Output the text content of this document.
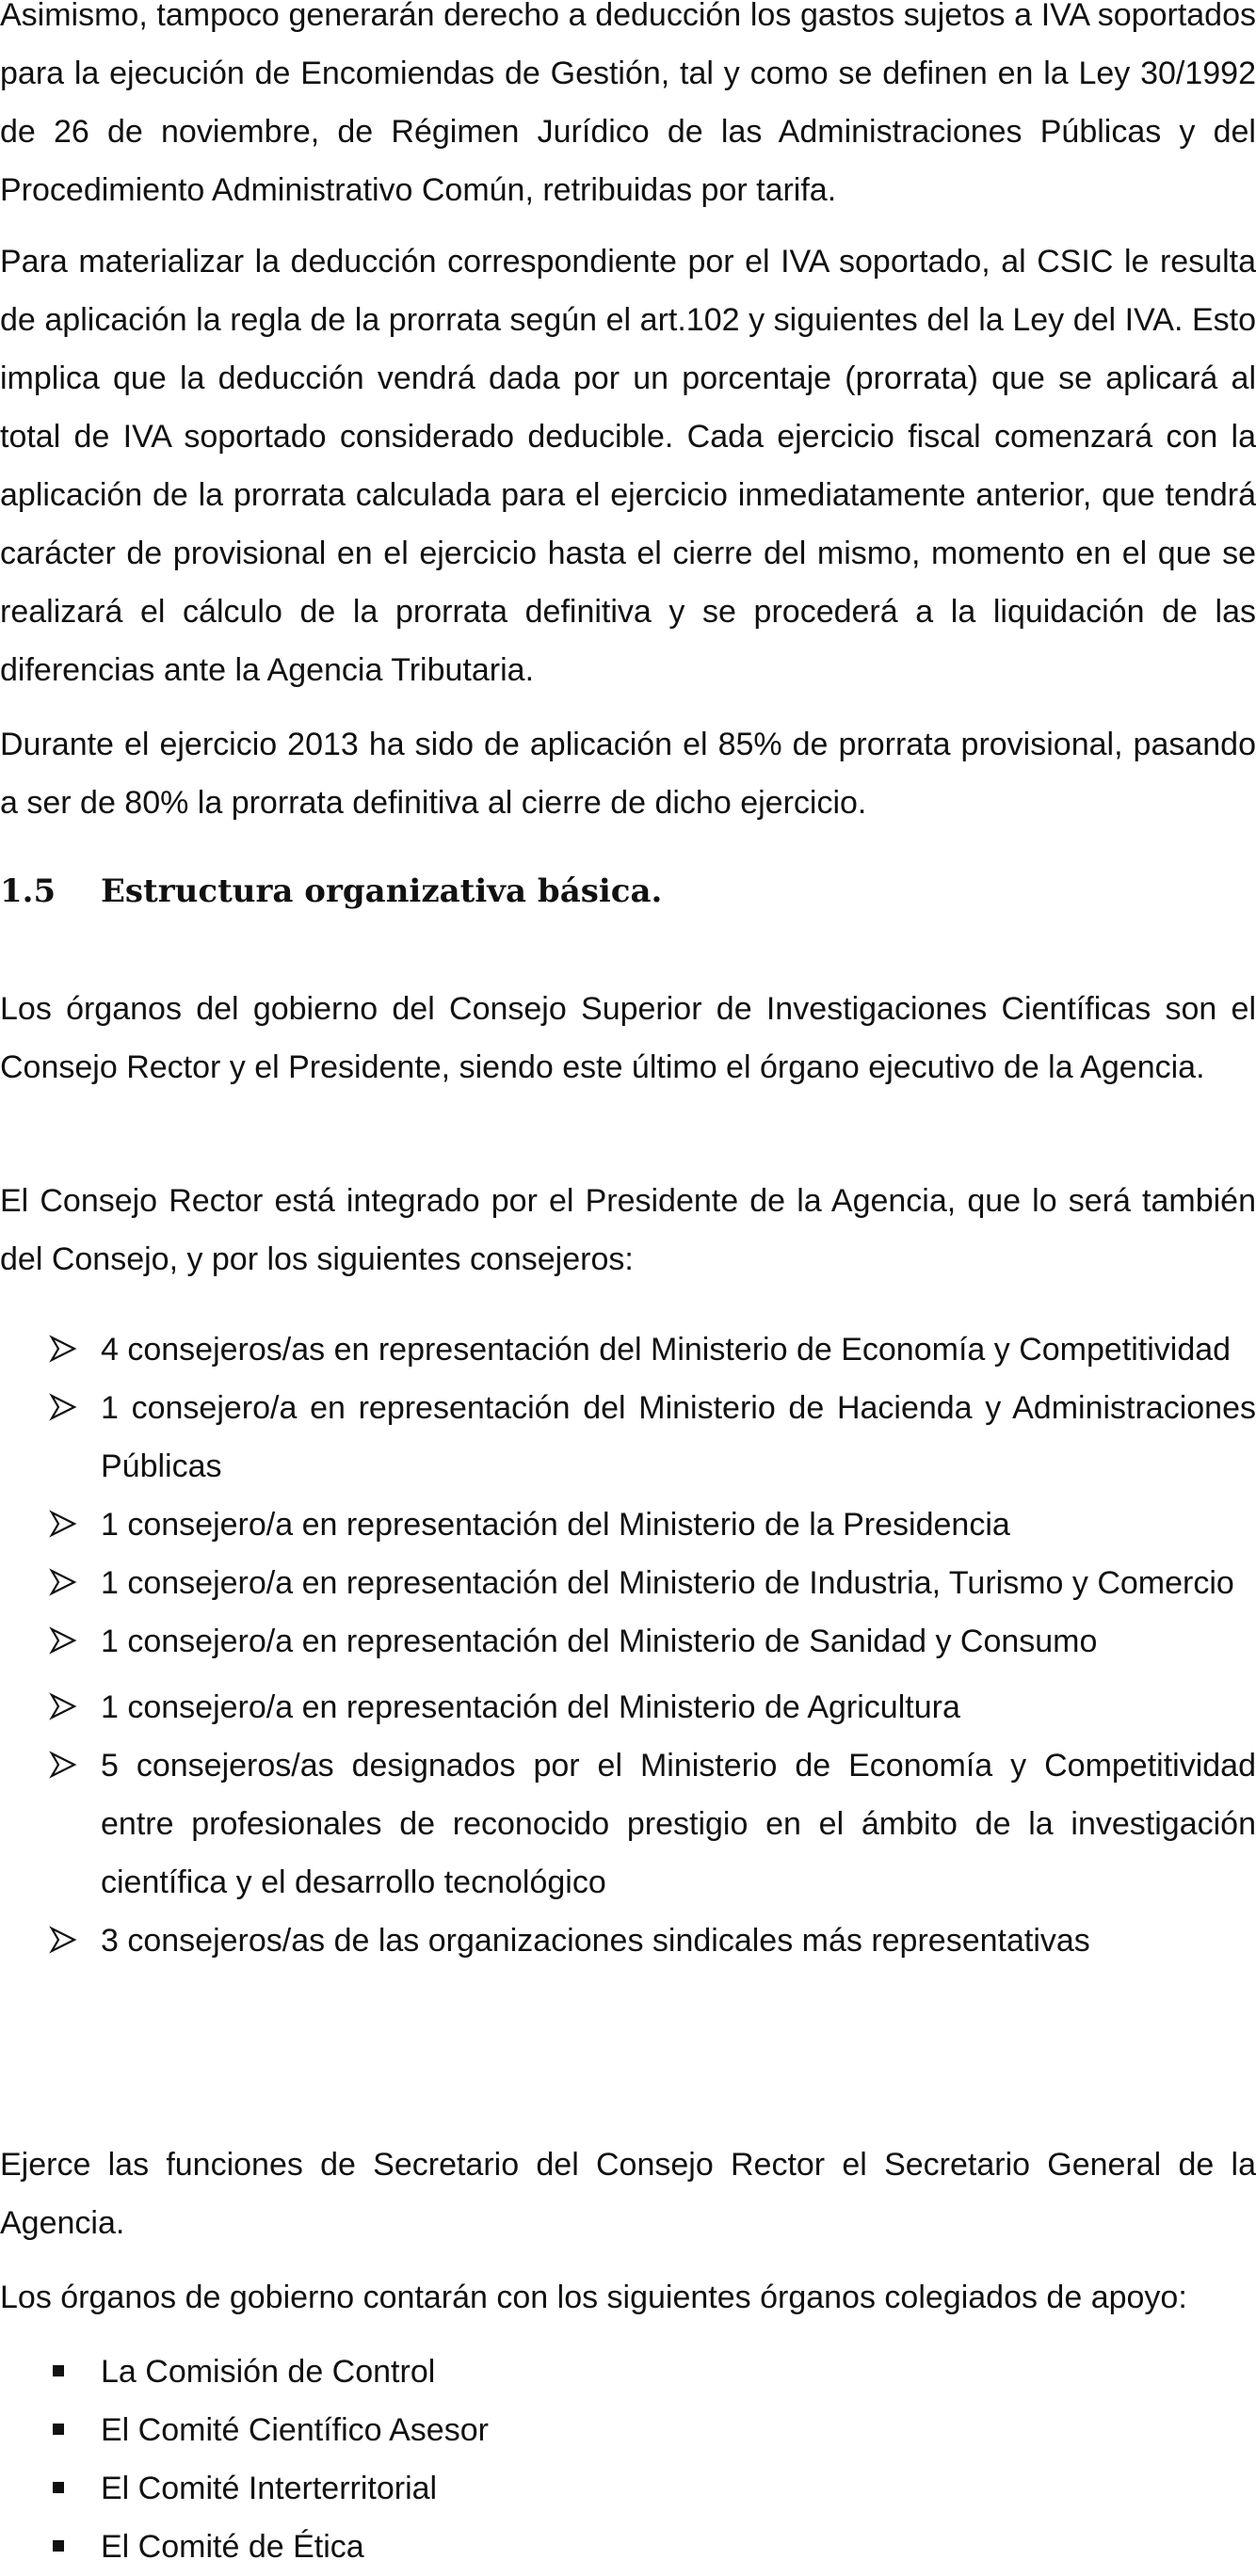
Asimismo, tampoco generarán derecho a deducción los gastos sujetos a IVA soportados para la ejecución de Encomiendas de Gestión, tal y como se definen en la Ley 30/1992 de 26 de noviembre, de Régimen Jurídico de las Administraciones Públicas y del Procedimiento Administrativo Común, retribuidas por tarifa.

Para materializar la deducción correspondiente por el IVA soportado, al CSIC le resulta de aplicación la regla de la prorrata según el art.102 y siguientes del la Ley del IVA. Esto implica que la deducción vendrá dada por un porcentaje (prorrata) que se aplicará al total de IVA soportado considerado deducible. Cada ejercicio fiscal comenzará con la aplicación de la prorrata calculada para el ejercicio inmediatamente anterior, que tendrá carácter de provisional en el ejercicio hasta el cierre del mismo, momento en el que se realizará el cálculo de la prorrata definitiva y se procederá a la liquidación de las diferencias ante la Agencia Tributaria.

Durante el ejercicio 2013 ha sido de aplicación el 85% de prorrata provisional, pasando a ser de 80% la prorrata definitiva al cierre de dicho ejercicio.

1.5 Estructura organizativa básica.

Los órganos del gobierno del Consejo Superior de Investigaciones Científicas son el Consejo Rector y el Presidente, siendo este último el órgano ejecutivo de la Agencia.

El Consejo Rector está integrado por el Presidente de la Agencia, que lo será también del Consejo, y por los siguientes consejeros:

4 consejeros/as en representación del Ministerio de Economía y Competitividad
1 consejero/a en representación del Ministerio de Hacienda y Administraciones Públicas
1 consejero/a en representación del Ministerio de la Presidencia
1 consejero/a en representación del Ministerio de Industria, Turismo y Comercio
1 consejero/a en representación del Ministerio de Sanidad y Consumo
1 consejero/a en representación del Ministerio de Agricultura
5 consejeros/as designados por el Ministerio de Economía y Competitividad entre profesionales de reconocido prestigio en el ámbito de la investigación científica y el desarrollo tecnológico
3 consejeros/as de las organizaciones sindicales más representativas

Ejerce las funciones de Secretario del Consejo Rector el Secretario General de la Agencia.

Los órganos de gobierno contarán con los siguientes órganos colegiados de apoyo:

La Comisión de Control
El Comité Científico Asesor
El Comité Interterritorial
El Comité de Ética
